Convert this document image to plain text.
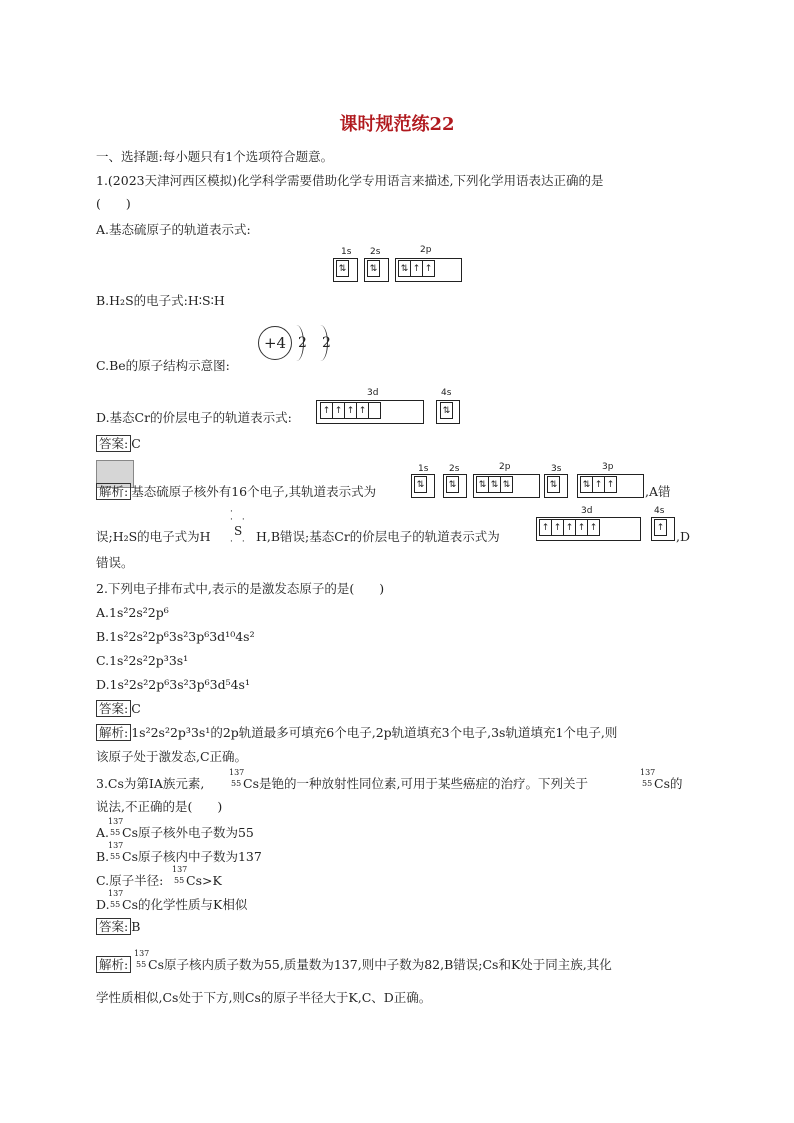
课时规范练22
一、选择题:每小题只有1个选项符合题意。
1.(2023天津河西区模拟)化学科学需要借助化学专用语言来描述,下列化学用语表达正确的是
(　　)
A.基态硫原子的轨道表示式:
1s 2s	2p
⇅	⇅	⇅ ↑ ↑
B.H₂S的电子式:H∶S∶H
+4 2 2
C.Be的原子结构示意图:
3d	4s
D.基态Cr的价层电子的轨道表示式:	↑ ↑ ↑ ↑	⇅
答案: C
解析: 基态硫原子核外有16个电子,其轨道表示式为
1s 2s	2p	3s	3p
⇅	⇅	⇅ ⇅ ⇅	⇅	⇅ ↑ ↑ ,A错
误;H₂S的电子式为H
·
·　·
S
·　· H,B错误;基态Cr的价层电子的轨道表示式为
3d	4s
↑ ↑ ↑ ↑ ↑	↑
,D
错误。
2.下列电子排布式中,表示的是激发态原子的是(　　)
A.1s²2s²2p⁶
B.1s²2s²2p⁶3s²3p⁶3d¹⁰4s²
C.1s²2s²2p³3s¹
D.1s²2s²2p⁶3s²3p⁶3d⁵4s¹
答案: C
解析: 1s²2s²2p³3s¹的2p轨道最多可填充6个电子,2p轨道填充3个电子,3s轨道填充1个电子,则
该原子处于激发态,C正确。
3.Cs为第ⅠA族元素,
137
55 Cs是铯的一种放射性同位素,可用于某些癌症的治疗。下列关于
137
55 Cs的
说法,不正确的是(　　)
A.
137
55 Cs原子核外电子数为55
B.
137
55 Cs原子核内中子数为137
C.原子半径:
137
55 Cs>K
D.
137
55 Cs的化学性质与K相似
答案: B
解析:
137
55 Cs原子核内质子数为55,质量数为137,则中子数为82,B错误;Cs和K处于同主族,其化
学性质相似,Cs处于下方,则Cs的原子半径大于K,C、D正确。
